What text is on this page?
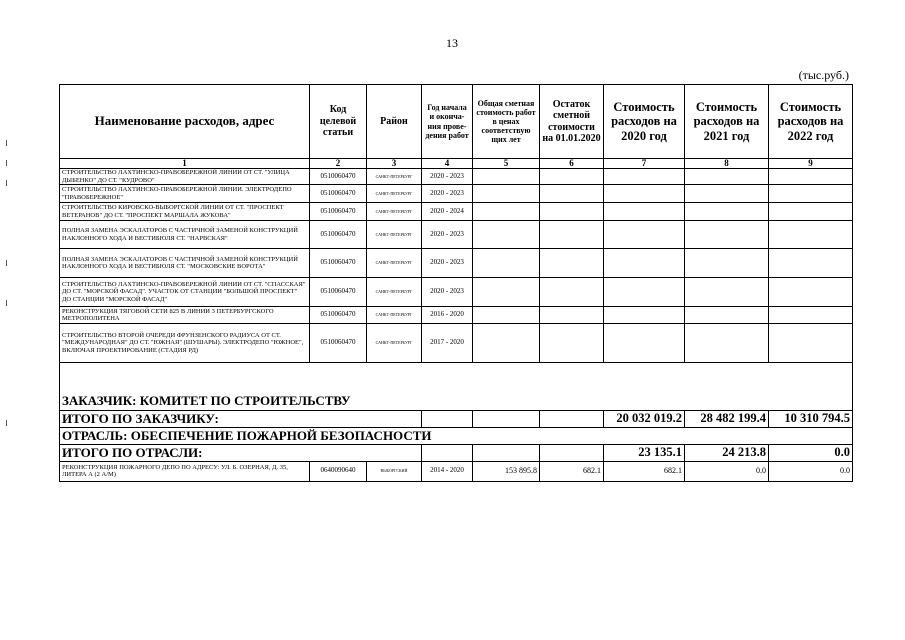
13
(тыс.руб.)
Наименование расходов, адрес	Код целевой статьи	Район	Год начала и оконча-ния прове-дения работ	Общая сметная стоимость работ в ценах соответствую щих лет	Остаток сметной стоимости на 01.01.2020	Стоимость расходов на 2020 год	Стоимость расходов на 2021 год	Стоимость расходов на 2022 год
1	2	3	4	5	6	7	8	9
СТРОИТЕЛЬСТВО ЛАХТИНСКО-ПРАВОБЕРЕЖНОЙ ЛИНИИ ОТ СТ. "УЛИЦА ДЫБЕНКО" ДО СТ. "КУДРОВО"	0510060470	САНКТ-ПЕТЕРБУРГ	2020 - 2023					
СТРОИТЕЛЬСТВО ЛАХТИНСКО-ПРАВОБЕРЕЖНОЙ ЛИНИИ. ЭЛЕКТРОДЕПО "ПРАВОБЕРЕЖНОЕ"	0510060470	САНКТ-ПЕТЕРБУРГ	2020 - 2023					
СТРОИТЕЛЬСТВО КИРОВСКО-ВЫБОРГСКОЙ ЛИНИИ ОТ СТ. "ПРОСПЕКТ ВЕТЕРАНОВ" ДО СТ. "ПРОСПЕКТ МАРШАЛА ЖУКОВА"	0510060470	САНКТ-ПЕТЕРБУРГ	2020 - 2024					
ПОЛНАЯ ЗАМЕНА ЭСКАЛАТОРОВ С ЧАСТИЧНОЙ ЗАМЕНОЙ КОНСТРУКЦИЙ НАКЛОННОГО ХОДА И ВЕСТИБЮЛЯ СТ. "НАРВСКАЯ"	0510060470	САНКТ-ПЕТЕРБУРГ	2020 - 2023					
ПОЛНАЯ ЗАМЕНА ЭСКАЛАТОРОВ С ЧАСТИЧНОЙ ЗАМЕНОЙ КОНСТРУКЦИЙ НАКЛОННОГО ХОДА И ВЕСТИБЮЛЯ СТ. "МОСКОВСКИЕ ВОРОТА"	0510060470	САНКТ-ПЕТЕРБУРГ	2020 - 2023					
СТРОИТЕЛЬСТВО ЛАХТИНСКО-ПРАВОБЕРЕЖНОЙ ЛИНИИ ОТ СТ. "СПАССКАЯ" ДО СТ. "МОРСКОЙ ФАСАД". УЧАСТОК ОТ СТАНЦИИ "БОЛЬШОЙ ПРОСПЕКТ" ДО СТАНЦИИ "МОРСКОЙ ФАСАД"	0510060470	САНКТ-ПЕТЕРБУРГ	2020 - 2023					
РЕКОНСТРУКЦИЯ ТЯГОВОЙ СЕТИ 825 В ЛИНИИ 3 ПЕТЕРБУРГСКОГО МЕТРОПОЛИТЕНА	0510060470	САНКТ-ПЕТЕРБУРГ	2016 - 2020					
СТРОИТЕЛЬСТВО ВТОРОЙ ОЧЕРЕДИ ФРУНЗЕНСКОГО РАДИУСА ОТ СТ. "МЕЖДУНАРОДНАЯ" ДО СТ. "ЮЖНАЯ" (ШУШАРЫ). ЭЛЕКТРОДЕПО "ЮЖНОЕ", ВКЛЮЧАЯ ПРОЕКТИРОВАНИЕ (СТАДИЯ РД)	0510060470	САНКТ-ПЕТЕРБУРГ	2017 - 2020					

ЗАКАЗЧИК: КОМИТЕТ ПО СТРОИТЕЛЬСТВУ								
ИТОГО ПО ЗАКАЗЧИКУ:						20 032 019.2	28 482 199.4	10 310 794.5
ОТРАСЛЬ: ОБЕСПЕЧЕНИЕ ПОЖАРНОЙ БЕЗОПАСНОСТИ								
ИТОГО ПО ОТРАСЛИ:						23 135.1	24 213.8	0.0
РЕКОНСТРУКЦИЯ ПОЖАРНОГО ДЕПО ПО АДРЕСУ: УЛ. Б. ОЗЕРНАЯ, Д. 35, ЛИТЕРА А (2 А/М)	0640090640	ВЫБОРГСКИЙ	2014 - 2020	153 895.8	682.1	682.1	0.0	0.0
